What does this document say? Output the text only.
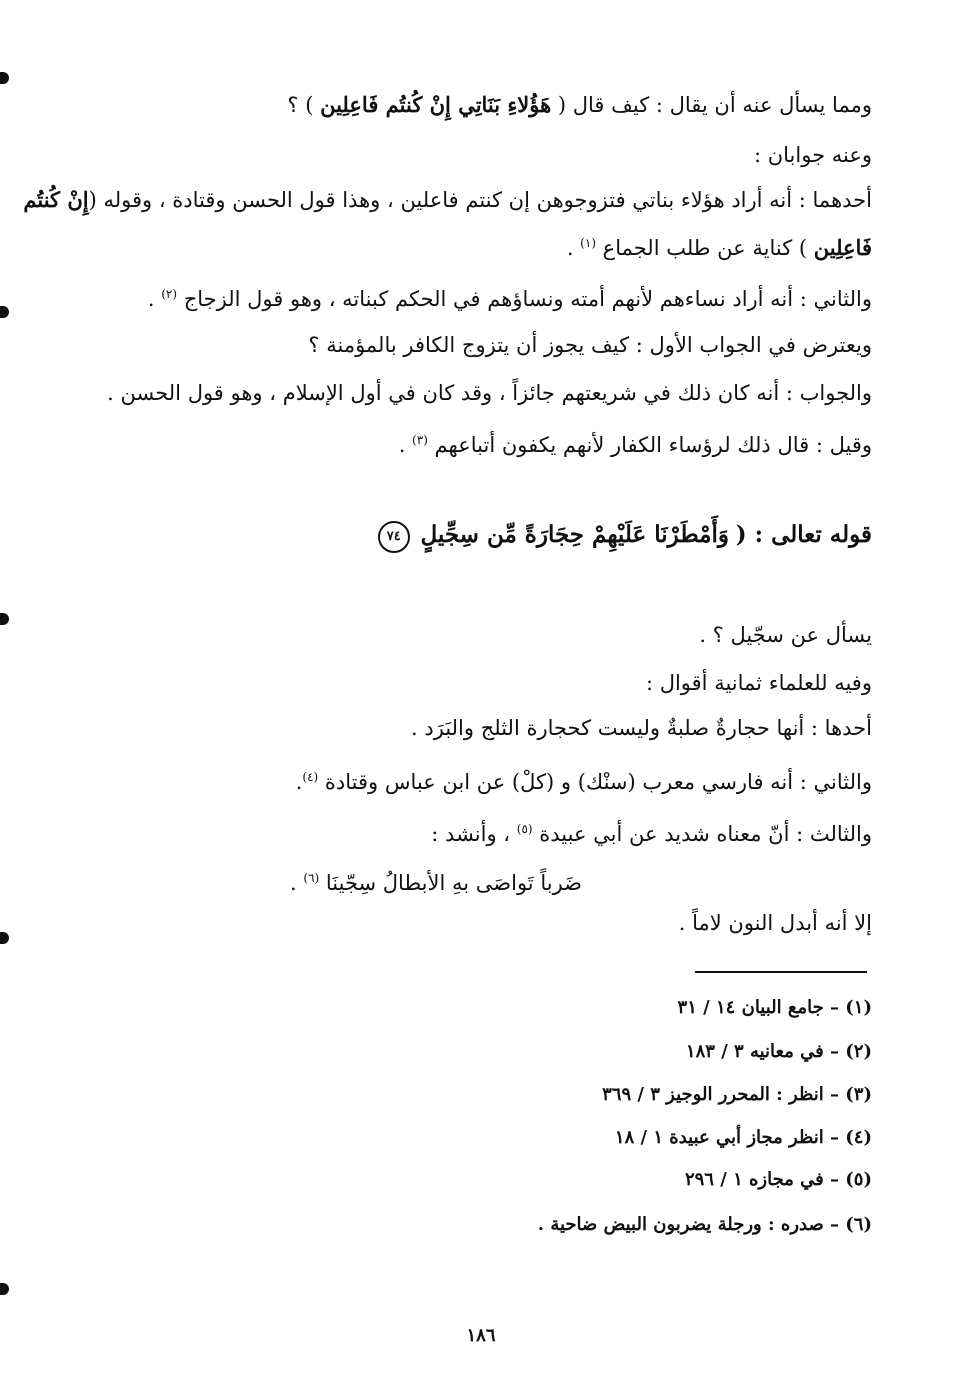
ومما يسأل عنه أن يقال : كيف قال ( هَؤُلاءِ بَنَاتِي إِنْ كُنتُم فَاعِلِين ) ؟
وعنه جوابان :
أحدهما : أنه أراد هؤلاء بناتي فتزوجوهن إن كنتم فاعلين ، وهذا قول الحسن وقتادة ، وقوله (إِنْ كُنتُم
فَاعِلِين ) كناية عن طلب الجماع $^{(١)}$ .
والثاني : أنه أراد نساءهم لأنهم أمته ونساؤهم في الحكم كبناته ، وهو قول الزجاج $^{(٢)}$ .
ويعترض في الجواب الأول : كيف يجوز أن يتزوج الكافر بالمؤمنة ؟
والجواب : أنه كان ذلك في شريعتهم جائزاً ، وقد كان في أول الإسلام ، وهو قول الحسن .
وقيل : قال ذلك لرؤساء الكفار لأنهم يكفون أتباعهم $^{(٣)}$ .
قوله تعالى : ( وَأَمْطَرْنَا عَلَيْهِمْ حِجَارَةً مِّن سِجِّيلٍ ٧٤
يسأل عن سجّيل ؟ .
وفيه للعلماء ثمانية أقوال :
أحدها : أنها حجارةٌ صلبةٌ وليست كحجارة الثلج والبَرَد .
والثاني : أنه فارسي معرب (سنْك) و (كلْ) عن ابن عباس وقتادة $^{(٤)}$.
والثالث : أنّ معناه شديد عن أبي عبيدة $^{(٥)}$ ، وأنشد :
ضَرباً تَواصَى بهِ الأبطالُ سِجّينَا $^{(٦)}$ .
إلا أنه أبدل النون لاماً .
(١) – جامع البيان ١٤ / ٣١
(٢) – في معانيه ٣ / ١٨٣
(٣) – انظر : المحرر الوجيز ٣ / ٣٦٩
(٤) – انظر مجاز أبي عبيدة ١ / ١٨
(٥) – في مجازه ١ / ٢٩٦
(٦) – صدره : ورجلة يضربون البيض ضاحية .
١٨٦
